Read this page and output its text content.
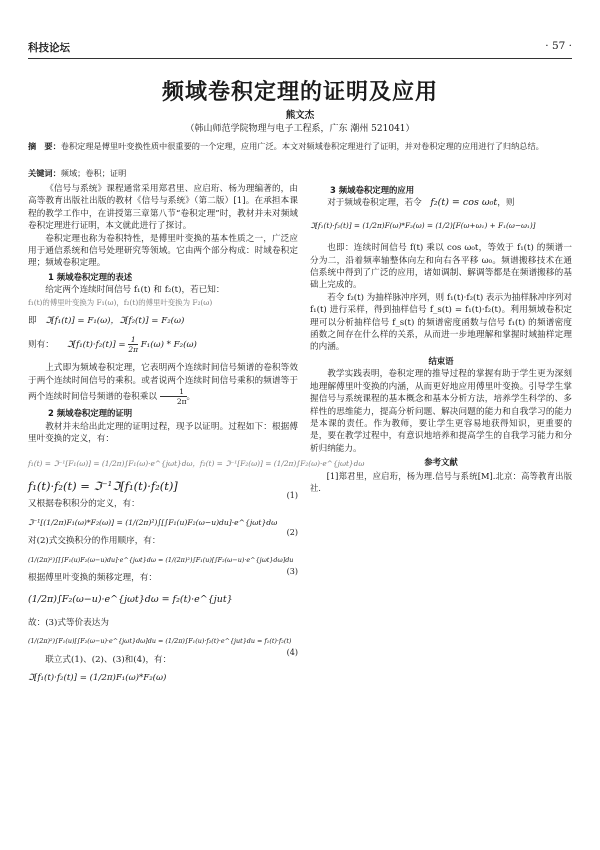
科技论坛	· 57 ·
频域卷积定理的证明及应用
熊文杰
（韩山师范学院物理与电子工程系，广东 潮州 521041）
摘　要：卷积定理是傅里叶变换性质中很重要的一个定理，应用广泛。本文对频域卷积定理进行了证明，并对卷积定理的应用进行了归纳总结。
关键词：频域；卷积；证明

《信号与系统》课程通常采用郑君里、应启珩、杨为理编著的，由高等教育出版社出版的教材《信号与系统》（第二版）[1]。在承担本课程的教学工作中，在讲授第三章第八节“卷积定理”时，教材并未对频域卷积定理进行证明，本文就此进行了探讨。

卷积定理也称为卷积特性，是傅里叶变换的基本性质之一，广泛应用于通信系统和信号处理研究等领域。它由两个部分构成：时域卷积定理；频域卷积定理。

1 频域卷积定理的表述

给定两个连续时间信号 f₁(t) 和 f₂(t)，若已知：

f₁(t)的傅里叶变换为 F₁(ω)，f₂(t)的傅里叶变换为 F₂(ω)

即　 ℑ[f₁(t)] = F₁(ω)，ℑ[f₂(t)] = F₂(ω)
则有：　　 ℑ[f₁(t)·f₂(t)] = $\frac{1}{2\pi} F_1(\omega) * F_2(\omega)$

上式即为频域卷积定理，它表明两个连续时间信号频谱的卷积等效于两个连续时间信号的乘积。或者说两个连续时间信号乘积的频谱等于两个连续时间信号频谱的卷积乘以 $\frac{1}{2\pi}$ 。

2 频域卷积定理的证明

教材并未给出此定理的证明过程，现予以证明。过程如下：根据傅里叶变换的定义，有：

f₁(t) = ℑ⁻¹[F₁(ω)] = (1/2π)∫F₁(ω)·e^{jωt}dω，f₂(t) = ℑ⁻¹[F₂(ω)] = (1/2π)∫F₂(ω)·e^{jωt}dω
f₁(t)·f₂(t) = ℑ⁻¹ℑ[f₁(t)·f₂(t)]
(1)

又根据卷积积分的定义，有：

ℑ⁻¹[(1/2π)F₁(ω)*F₂(ω)] = (1/(2π)²)∫[∫F₁(u)F₂(ω−u)du]·e^{jωt}dω
(2)

对(2)式交换积分的作用顺序，有：

(1/(2π)²)∫[∫F₁(u)F₂(ω−u)du]·e^{jωt}dω = (1/(2π)²)∫F₁(u)[∫F₂(ω−u)·e^{jωt}dω]du
(3)

根据傅里叶变换的频移定理，有：

(1/2π)∫F₂(ω−u)·e^{jωt}dω = f₂(t)·e^{jut}

故：(3)式等价表达为

(1/(2π)²)∫F₁(u)[∫F₂(ω−u)·e^{jωt}dω]du = (1/2π)∫F₁(u)·f₂(t)·e^{jut}du = f₁(t)·f₂(t)
(4)

联立式(1)、(2)、(3)和(4)，有：

ℑ[f₁(t)·f₂(t)] = (1/2π)F₁(ω)*F₂(ω)
3 频域卷积定理的应用

对于频域卷积定理，若令　 f₂(t) = cos ω₀t，则

ℑ[f₁(t)·f₂(t)] = (1/2π)F(ω)*F₂(ω) = (1/2)[F(ω+ω₁) + F₁(ω−ω₁)]

也即：连续时间信号 f(t) 乘以 cos ω₀t，等效于 f₁(t) 的频谱一分为二，沿着频率轴整体向左和向右各平移 ω₀。频谱搬移技术在通信系统中得到了广泛的应用，诸如调制、解调等都是在频谱搬移的基础上完成的。

若令 f₂(t) 为抽样脉冲序列，则 f₁(t)·f₂(t) 表示为抽样脉冲序列对 f₁(t) 进行采样，得到抽样信号 f_s(t) = f₁(t)·f₂(t)。利用频域卷积定理可以分析抽样信号 f_s(t) 的频谱密度函数与信号 f₁(t) 的频谱密度函数之间存在什么样的关系，从而进一步地理解和掌握时域抽样定理的内涵。

结束语

教学实践表明，卷积定理的推导过程的掌握有助于学生更为深刻地理解傅里叶变换的内涵，从而更好地应用傅里叶变换。引导学生掌握信号与系统课程的基本概念和基本分析方法，培养学生科学的、多样性的思维能力，提高分析问题、解决问题的能力和自我学习的能力是本课的责任。作为教师，要让学生更容易地获得知识，更重要的是，要在教学过程中，有意识地培养和提高学生的自我学习能力和分析归纳能力。

参考文献

[1]郑君里，应启珩，杨为理.信号与系统[M].北京：高等教育出版社.
